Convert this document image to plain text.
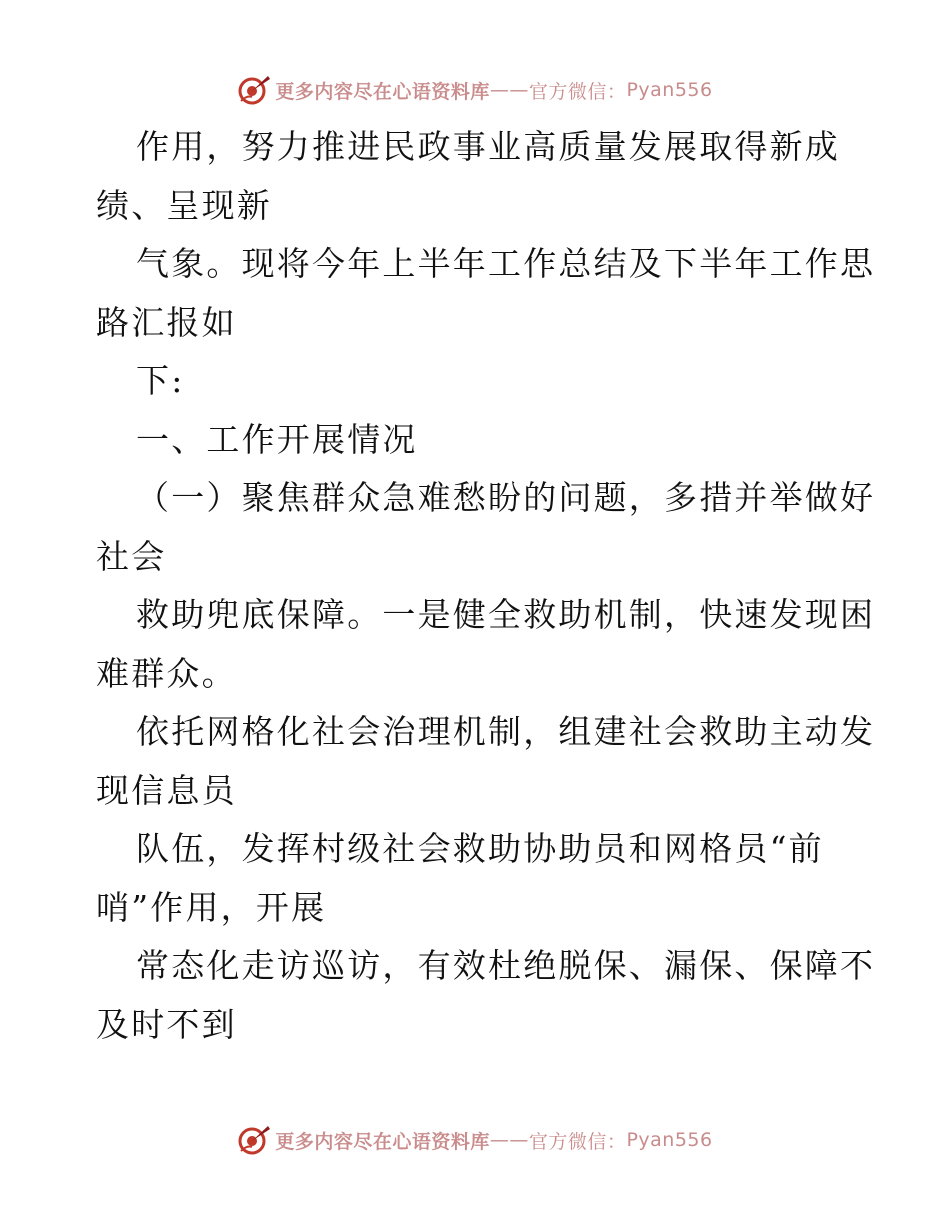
更多内容尽在心语资料库 —— 官方微信： Pyan556
作用，努力推进民政事业高质量发展取得新成
绩、呈现新
气象。现将今年上半年工作总结及下半年工作思
路汇报如
下:
一、工作开展情况
（一）聚焦群众急难愁盼的问题，多措并举做好
社会
救助兜底保障。一是健全救助机制，快速发现困
难群众。
依托网格化社会治理机制，组建社会救助主动发
现信息员
队伍，发挥村级社会救助协助员和网格员“前
哨”作用，开展
常态化走访巡访，有效杜绝脱保、漏保、保障不
及时不到
更多内容尽在心语资料库 —— 官方微信： Pyan556
